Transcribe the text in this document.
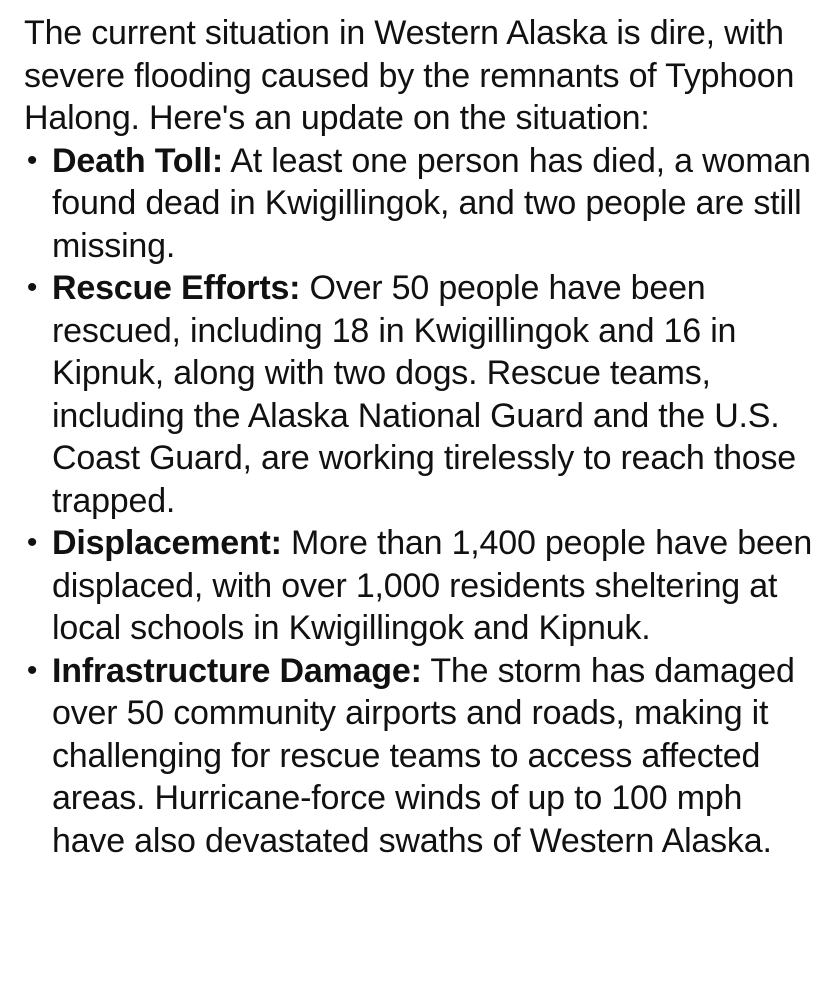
The current situation in Western Alaska is dire, with severe flooding caused by the remnants of Typhoon Halong. Here's an update on the situation:

• Death Toll: At least one person has died, a woman found dead in Kwigillingok, and two people are still missing.
• Rescue Efforts: Over 50 people have been rescued, including 18 in Kwigillingok and 16 in Kipnuk, along with two dogs. Rescue teams, including the Alaska National Guard and the U.S. Coast Guard, are working tirelessly to reach those trapped.
• Displacement: More than 1,400 people have been displaced, with over 1,000 residents sheltering at local schools in Kwigillingok and Kipnuk.
• Infrastructure Damage: The storm has damaged over 50 community airports and roads, making it challenging for rescue teams to access affected areas. Hurricane-force winds of up to 100 mph have also devastated swaths of Western Alaska.
